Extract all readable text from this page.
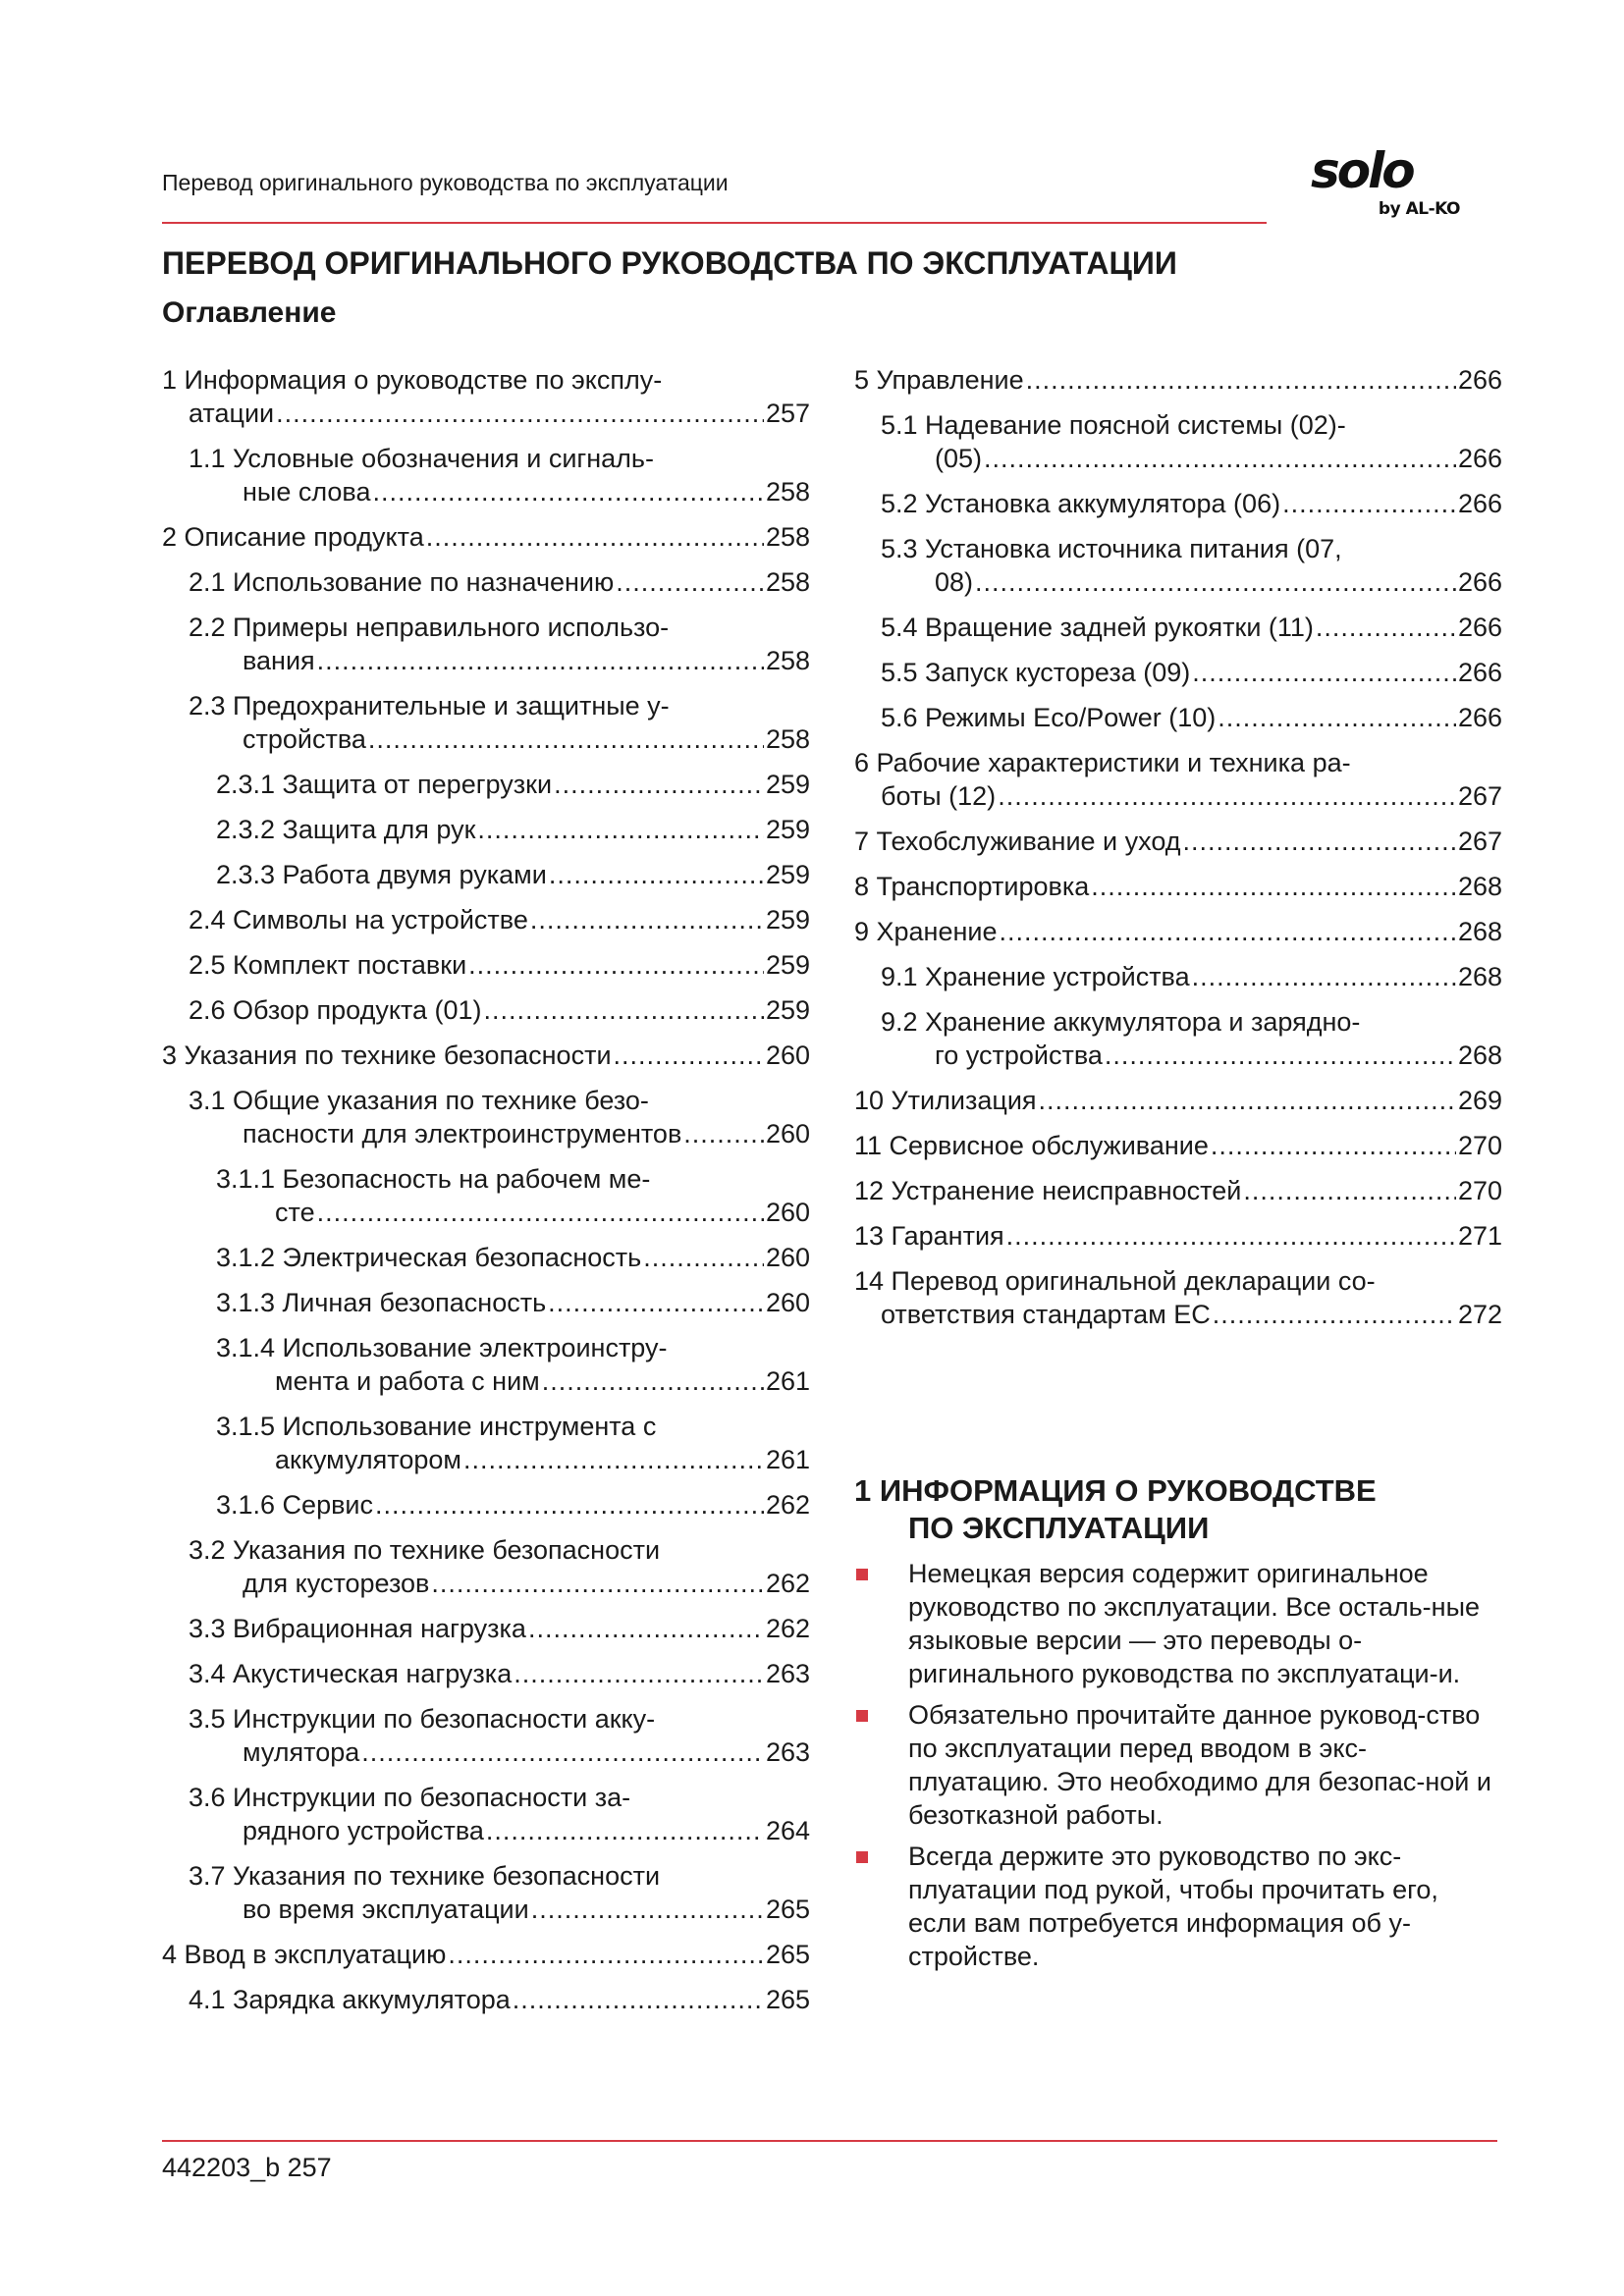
Перевод оригинального руководства по эксплуатации	solo
by AL-KO
ПЕРЕВОД ОРИГИНАЛЬНОГО РУКОВОДСТВА ПО ЭКСПЛУАТАЦИИ
Оглавление
1 Информация о руководстве по эксплу-
атации .....	257
1.1 Условные обозначения и сигналь-
ные слова .....	258
2 Описание продукта .....	258
2.1 Использование по назначению .....	258
2.2 Примеры неправильного использо-
вания .....	258
2.3 Предохранительные и защитные у-
стройства .....	258
2.3.1 Защита от перегрузки .....	259
2.3.2 Защита для рук .....	259
2.3.3 Работа двумя руками .....	259
2.4 Символы на устройстве .....	259
2.5 Комплект поставки .....	259
2.6 Обзор продукта (01) .....	259
3 Указания по технике безопасности .....	260
3.1 Общие указания по технике безо-
пасности для электроинструментов .....	260
3.1.1 Безопасность на рабочем ме-
сте .....	260
3.1.2 Электрическая безопасность .....	260
3.1.3 Личная безопасность .....	260
3.1.4 Использование электроинстру-
мента и работа с ним .....	261
3.1.5 Использование инструмента с
аккумулятором .....	261
3.1.6 Сервис .....	262
3.2 Указания по технике безопасности
для кусторезов .....	262
3.3 Вибрационная нагрузка .....	262
3.4 Акустическая нагрузка .....	263
3.5 Инструкции по безопасности акку-
мулятора .....	263
3.6 Инструкции по безопасности за-
рядного устройства .....	264
3.7 Указания по технике безопасности
во время эксплуатации .....	265
4 Ввод в эксплуатацию .....	265
4.1 Зарядка аккумулятора .....	265
5 Управление .....	266
5.1 Надевание поясной системы (02)-
(05) .....	266
5.2 Установка аккумулятора (06) .....	266
5.3 Установка источника питания (07,
08) .....	266
5.4 Вращение задней рукоятки (11) .....	266
5.5 Запуск кустореза (09) .....	266
5.6 Режимы Eco/Power (10) .....	266
6 Рабочие характеристики и техника ра-
боты (12) .....	267
7 Техобслуживание и уход .....	267
8 Транспортировка .....	268
9 Хранение .....	268
9.1 Хранение устройства .....	268
9.2 Хранение аккумулятора и зарядно-
го устройства .....	268
10 Утилизация .....	269
11 Сервисное обслуживание .....	270
12 Устранение неисправностей .....	270
13 Гарантия .....	271
14 Перевод оригинальной декларации со-
ответствия стандартам ЕС .....	272
1 ИНФОРМАЦИЯ О РУКОВОДСТВЕ
ПО ЭКСПЛУАТАЦИИ
Немецкая версия содержит оригинальное руководство по эксплуатации. Все осталь-ные языковые версии — это переводы о-ригинального руководства по эксплуатаци-и.
Обязательно прочитайте данное руковод-ство по эксплуатации перед вводом в экс-плуатацию. Это необходимо для безопас-ной и безотказной работы.
Всегда держите это руководство по экс-плуатации под рукой, чтобы прочитать его, если вам потребуется информация об у-стройстве.
442203_b 257
